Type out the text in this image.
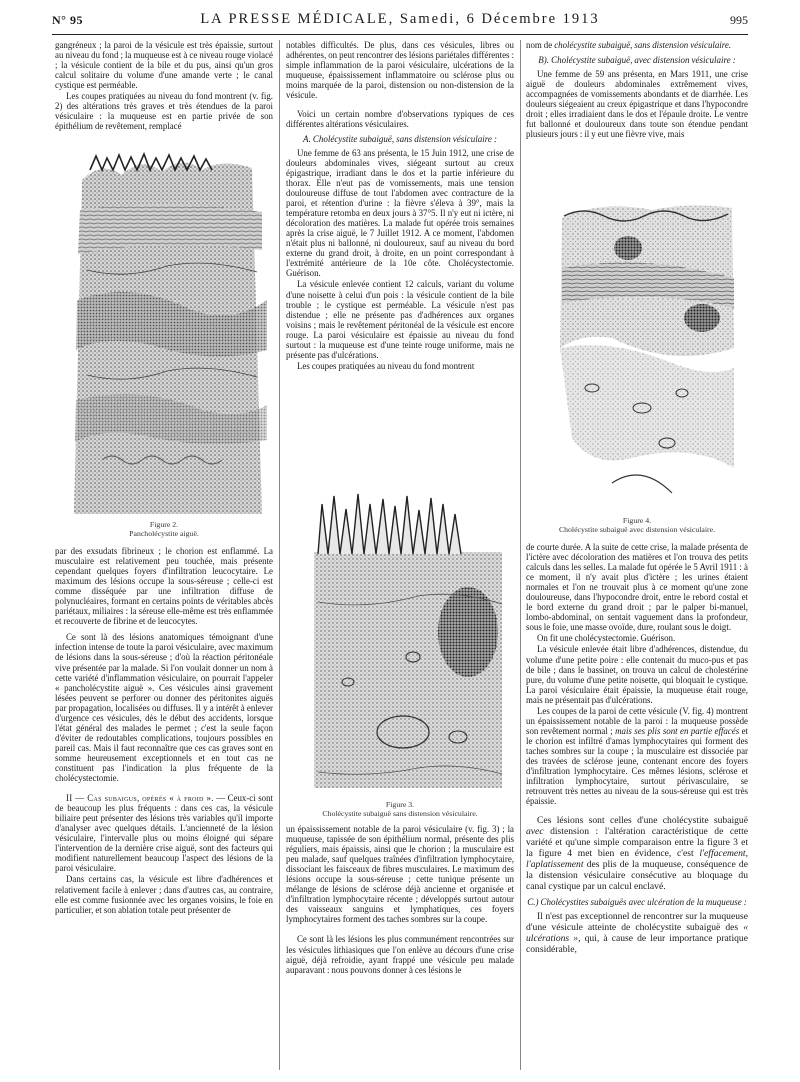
N° 95	LA PRESSE MÉDICALE, Samedi, 6 Décembre 1913	995

gangréneux ; la paroi de la vésicule est très épaissie, surtout au niveau du fond ; la muqueuse est à ce niveau rouge violacé ; la vésicule contient de la bile et du pus, ainsi qu'un gros calcul solitaire du volume d'une amande verte ; le canal cystique est perméable.

Les coupes pratiquées au niveau du fond montrent (v. fig. 2) des altérations très graves et très étendues de la paroi vésiculaire : la muqueuse est en partie privée de son épithélium de revêtement, remplacé

Figure 2.
Pancholécystite aiguë.

par des exsudats fibrineux ; le chorion est enflammé. La musculaire est relativement peu touchée, mais présente cependant quelques foyers d'infiltration leucocytaire. Le maximum des lésions occupe la sous-séreuse ; celle-ci est comme disséquée par une infiltration diffuse de polynucléaires, formant en certains points de véritables abcès pariétaux, miliaires : la séreuse elle-même est très enflammée et recouverte de fibrine et de leucocytes.

Ce sont là des lésions anatomiques témoignant d'une infection intense de toute la paroi vésiculaire, avec maximum de lésions dans la sous-séreuse ; d'où la réaction péritonéale vive présentée par la malade. Si l'on voulait donner un nom à cette variété d'inflammation vésiculaire, on pourrait l'appeler « pancholécystite aiguë ». Ces vésicules ainsi gravement lésées peuvent se perforer ou donner des péritonites aiguës par propagation, localisées ou diffuses. Il y a intérêt à enlever d'urgence ces vésicules, dès le début des accidents, lorsque l'état général des malades le permet ; c'est la seule façon d'éviter de redoutables complications, toujours possibles en pareil cas. Mais il faut reconnaître que ces cas graves sont en somme heureusement exceptionnels et en tout cas ne constituent pas l'indication la plus fréquente de la cholécystectomie.

II — Cas subaigus, opérés « à froid ». — Ceux-ci sont de beaucoup les plus fréquents : dans ces cas, la vésicule biliaire peut présenter des lésions très variables qu'il importe d'analyser avec quelques détails. L'ancienneté de la lésion vésiculaire, l'intervalle plus ou moins éloigné qui sépare l'intervention de la dernière crise aiguë, sont des facteurs qui modifient naturellement beaucoup l'aspect des lésions de la paroi vésiculaire.

Dans certains cas, la vésicule est libre d'adhérences et relativement facile à enlever ; dans d'autres cas, au contraire, elle est comme fusionnée avec les organes voisins, le foie en particulier, et son ablation totale peut présenter de

notables difficultés. De plus, dans ces vésicules, libres ou adhérentes, on peut rencontrer des lésions pariétales différentes : simple inflammation de la paroi vésiculaire, ulcérations de la muqueuse, épaississement inflammatoire ou sclérose plus ou moins marquée de la paroi, distension ou non-distension de la vésicule.

Voici un certain nombre d'observations typiques de ces différentes altérations vésiculaires.

A. Cholécystite subaiguë, sans distension vésiculaire :

Une femme de 63 ans présenta, le 15 Juin 1912, une crise de douleurs abdominales vives, siégeant surtout au creux épigastrique, irradiant dans le dos et la partie inférieure du thorax. Elle n'eut pas de vomissements, mais une tension douloureuse diffuse de tout l'abdomen avec contracture de la paroi, et rétention d'urine : la fièvre s'éleva à 39°, mais la température retomba en deux jours à 37°5. Il n'y eut ni ictère, ni décoloration des matières. La malade fut opérée trois semaines après la crise aiguë, le 7 Juillet 1912. A ce moment, l'abdomen n'était plus ni ballonné, ni douloureux, sauf au niveau du bord externe du grand droit, à droite, en un point correspondant à l'extrémité antérieure de la 10e côte. Cholécystectomie. Guérison.

La vésicule enlevée contient 12 calculs, variant du volume d'une noisette à celui d'un pois : la vésicule contient de la bile trouble ; le cystique est perméable. La vésicule n'est pas distendue ; elle ne présente pas d'adhérences aux organes voisins ; mais le revêtement péritonéal de la vésicule est encore rouge. La paroi vésiculaire est épaissie au niveau du fond surtout : la muqueuse est d'une teinte rouge uniforme, mais ne présente pas d'ulcérations.

Les coupes pratiquées au niveau du fond montrent

Figure 3.
Cholécystite subaiguë sans distension vésiculaire.

un épaississement notable de la paroi vésiculaire (v. fig. 3) ; la muqueuse, tapissée de son épithélium normal, présente des plis réguliers, mais épaissis, ainsi que le chorion ; la musculaire est peu malade, sauf quelques traînées d'infiltration lymphocytaire, dissociant les faisceaux de fibres musculaires. Le maximum des lésions occupe la sous-séreuse ; cette tunique présente un mélange de lésions de sclérose déjà ancienne et organisée et d'infiltration lymphocytaire récente ; développés surtout autour des vaisseaux sanguins et lymphatiques, ces foyers lymphocytaires forment des taches sombres sur la coupe.

Ce sont là les lésions les plus communément rencontrées sur les vésicules lithiasiques que l'on enlève au décours d'une crise aiguë, déjà refroidie, ayant frappé une vésicule peu malade auparavant : nous pouvons donner à ces lésions le

nom de cholécystite subaiguë, sans distension vésiculaire.

B). Cholécystite subaiguë, avec distension vésiculaire :

Une femme de 59 ans présenta, en Mars 1911, une crise aiguë de douleurs abdominales extrêmement vives, accompagnées de vomissements abondants et de diarrhée. Les douleurs siégeaient au creux épigastrique et dans l'hypocondre droit ; elles irradiaient dans le dos et l'épaule droite. Le ventre fut ballonné et douloureux dans toute son étendue pendant plusieurs jours : il y eut une fièvre vive, mais

Figure 4.
Cholécystite subaiguë avec distension vésiculaire.

de courte durée. A la suite de cette crise, la malade présenta de l'ictère avec décoloration des matières et l'on trouva des petits calculs dans les selles. La malade fut opérée le 5 Avril 1911 : à ce moment, il n'y avait plus d'ictère ; les urines étaient normales et l'on ne trouvait plus à ce moment qu'une zone douloureuse, dans l'hypocondre droit, entre le rebord costal et le bord externe du grand droit ; par le palper bi-manuel, lombo-abdominal, on sentait vaguement dans la profondeur, sous le foie, une masse ovoïde, dure, roulant sous le doigt.

On fit une cholécystectomie. Guérison.

La vésicule enlevée était libre d'adhérences, distendue, du volume d'une petite poire : elle contenait du muco-pus et pas de bile ; dans le bassinet, on trouva un calcul de cholestérine pure, du volume d'une petite noisette, qui bloquait le cystique. La paroi vésiculaire était épaissie, la muqueuse était rouge, mais ne présentait pas d'ulcérations.

Les coupes de la paroi de cette vésicule (V. fig. 4) montrent un épaississement notable de la paroi : la muqueuse possède son revêtement normal ; mais ses plis sont en partie effacés et le chorion est infiltré d'amas lymphocytaires qui forment des taches sombres sur la coupe ; la musculaire est dissociée par des travées de sclérose jeune, contenant encore des foyers d'infiltration lymphocytaire. Ces mêmes lésions, sclérose et infiltration lymphocytaire, surtout périvasculaire, se retrouvent très nettes au niveau de la sous-séreuse qui est très épaissie.

Ces lésions sont celles d'une cholécystite subaiguë avec distension : l'altération caractéristique de cette variété et qu'une simple comparaison entre la figure 3 et la figure 4 met bien en évidence, c'est l'effacement, l'aplatissement des plis de la muqueuse, conséquence de la distension vésiculaire consécutive au bloquage du canal cystique par un calcul enclavé.

C.) Cholécystites subaiguës avec ulcération de la muqueuse :

Il n'est pas exceptionnel de rencontrer sur la muqueuse d'une vésicule atteinte de cholécystite subaiguë des « ulcérations », qui, à cause de leur importance pratique considérable,
